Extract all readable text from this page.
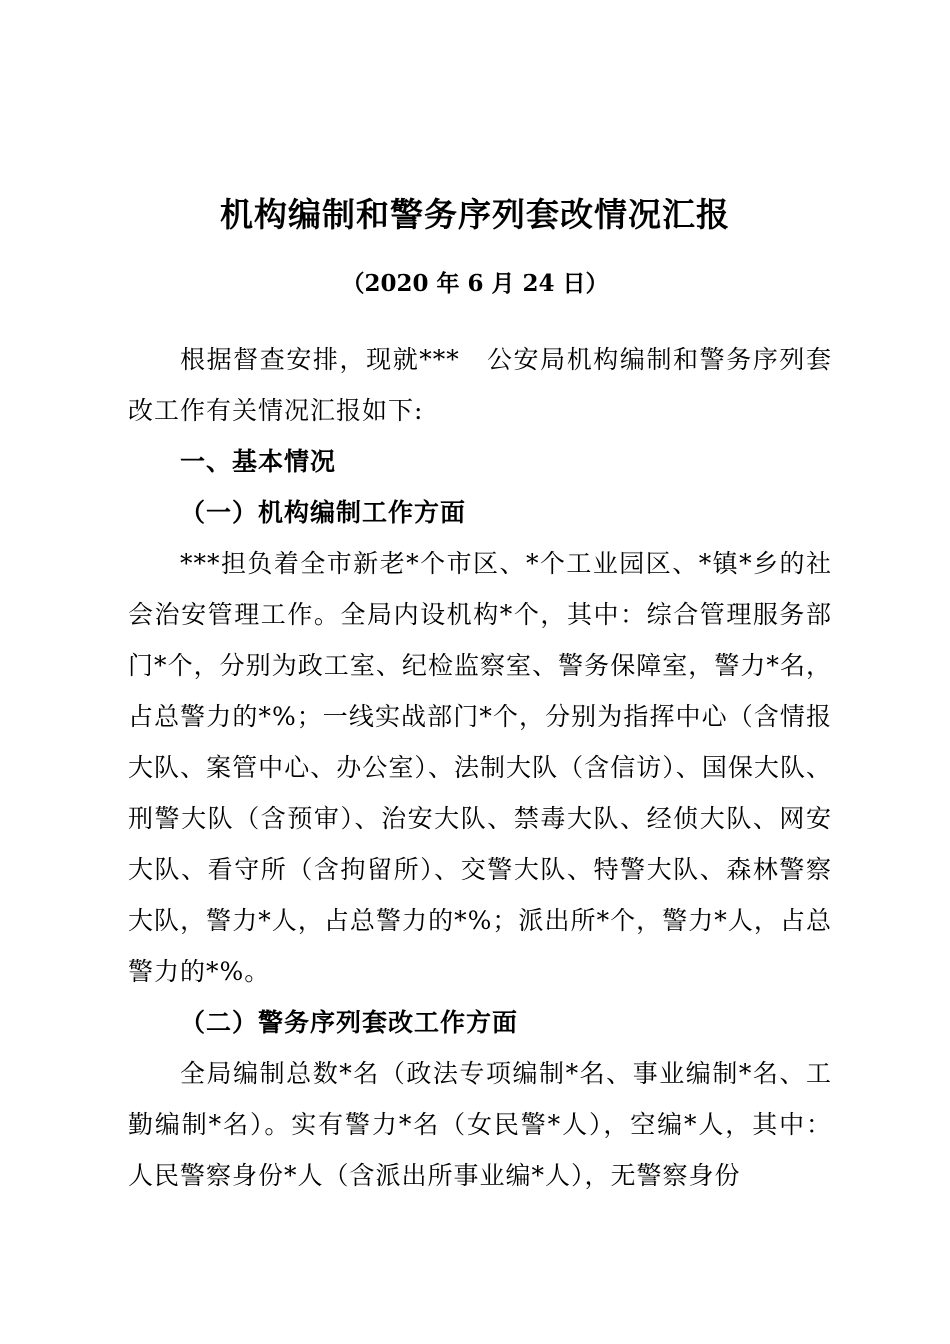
机构编制和警务序列套改情况汇报
（2020 年 6 月 24 日）

根据督查安排，现就***　公安局机构编制和警务序列套改工作有关情况汇报如下:

一、基本情况

（一）机构编制工作方面

***担负着全市新老*个市区、*个工业园区、*镇*乡的社会治安管理工作。全局内设机构*个，其中：综合管理服务部门*个，分别为政工室、纪检监察室、警务保障室，警力*名，占总警力的*%；一线实战部门*个，分别为指挥中心（含情报大队、案管中心、办公室）、法制大队（含信访）、国保大队、刑警大队（含预审）、治安大队、禁毒大队、经侦大队、网安大队、看守所（含拘留所）、交警大队、特警大队、森林警察大队，警力*人，占总警力的*%；派出所*个，警力*人，占总警力的*%。

（二）警务序列套改工作方面

全局编制总数*名（政法专项编制*名、事业编制*名、工勤编制*名）。实有警力*名（女民警*人），空编*人，其中：人民警察身份*人（含派出所事业编*人），无警察身份
